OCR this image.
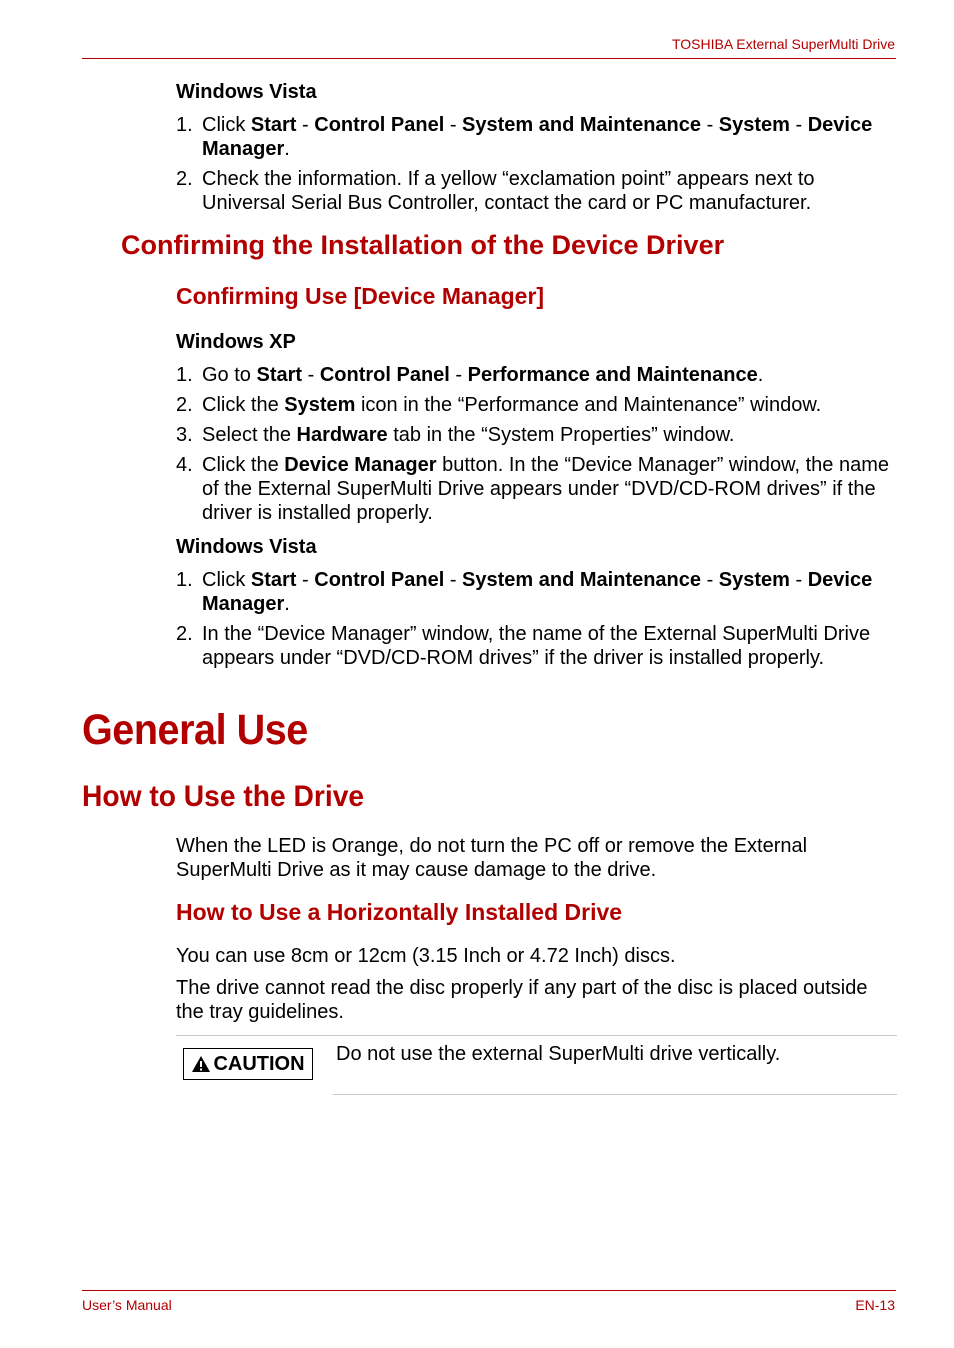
TOSHIBA External SuperMulti Drive
Windows Vista
1. Click Start - Control Panel - System and Maintenance - System - Device Manager.
2. Check the information. If a yellow “exclamation point” appears next to Universal Serial Bus Controller, contact the card or PC manufacturer.
Confirming the Installation of the Device Driver
Confirming Use [Device Manager]
Windows XP
1. Go to Start - Control Panel - Performance and Maintenance.
2. Click the System icon in the “Performance and Maintenance” window.
3. Select the Hardware tab in the “System Properties” window.
4. Click the Device Manager button. In the “Device Manager” window, the name of the External SuperMulti Drive appears under “DVD/CD-ROM drives” if the driver is installed properly.
Windows Vista
1. Click Start - Control Panel - System and Maintenance - System - Device Manager.
2. In the “Device Manager” window, the name of the External SuperMulti Drive appears under “DVD/CD-ROM drives” if the driver is installed properly.
General Use
How to Use the Drive
When the LED is Orange, do not turn the PC off or remove the External SuperMulti Drive as it may cause damage to the drive.
How to Use a Horizontally Installed Drive
You can use 8cm or 12cm (3.15 Inch or 4.72 Inch) discs.
The drive cannot read the disc properly if any part of the disc is placed outside the tray guidelines.
CAUTION Do not use the external SuperMulti drive vertically.
User’s Manual	EN-13
